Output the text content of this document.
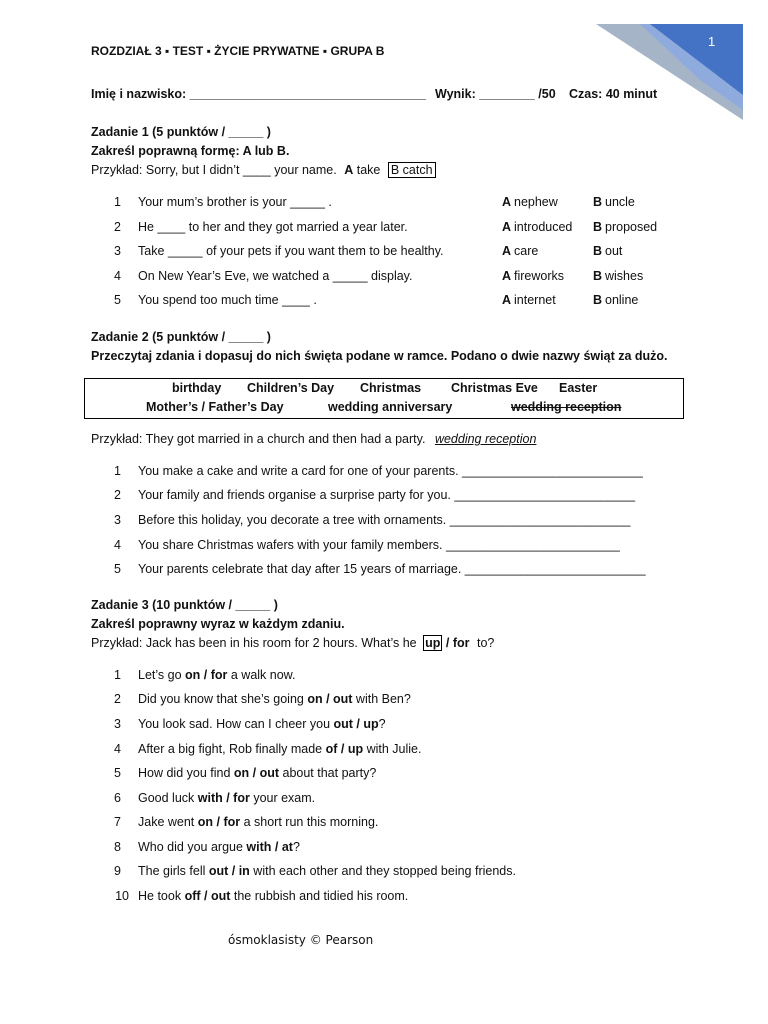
1
ROZDZIAŁ 3 ▪ TEST ▪ ŻYCIE PRYWATNE ▪ GRUPA B
Imię i nazwisko: __________________________________ Wynik: ________ /50 Czas: 40 minut
Zadanie 1 (5 punktów / _____ )
Zakreśl poprawną formę: A lub B.
Przykład: Sorry, but I didn’t ____ your name. A take B catch
1 Your mum’s brother is your _____ .	A nephew	B uncle
2 He ____ to her and they got married a year later.	A introduced B proposed
3 Take _____ of your pets if you want them to be healthy.	A care	B out
4 On New Year’s Eve, we watched a _____ display.	A fireworks B wishes
5 You spend too much time ____ .	A internet	B online
Zadanie 2 (5 punktów / _____ )
Przeczytaj zdania i dopasuj do nich święta podane w ramce. Podano o dwie nazwy świąt za dużo.
birthday Children’s Day Christmas Christmas Eve Easter
Mother’s / Father’s Day	wedding anniversary	wedding reception
Przykład: They got married in a church and then had a party. wedding reception
1 You make a cake and write a card for one of your parents. __________________________
2 Your family and friends organise a surprise party for you. __________________________
3 Before this holiday, you decorate a tree with ornaments. __________________________
4 You share Christmas wafers with your family members. _________________________
5 Your parents celebrate that day after 15 years of marriage. __________________________
Zadanie 3 (10 punktów / _____ )
Zakreśl poprawny wyraz w każdym zdaniu.
Przykład: Jack has been in his room for 2 hours. What’s he up / for to?
1 Let’s go on / for a walk now.
2 Did you know that she’s going on / out with Ben?
3 You look sad. How can I cheer you out / up?
4 After a big fight, Rob finally made of / up with Julie.
5 How did you find on / out about that party?
6 Good luck with / for your exam.
7 Jake went on / for a short run this morning.
8 Who did you argue with / at?
9 The girls fell out / in with each other and they stopped being friends.
10 He took off / out the rubbish and tidied his room.
ósmoklasisty © Pearson
